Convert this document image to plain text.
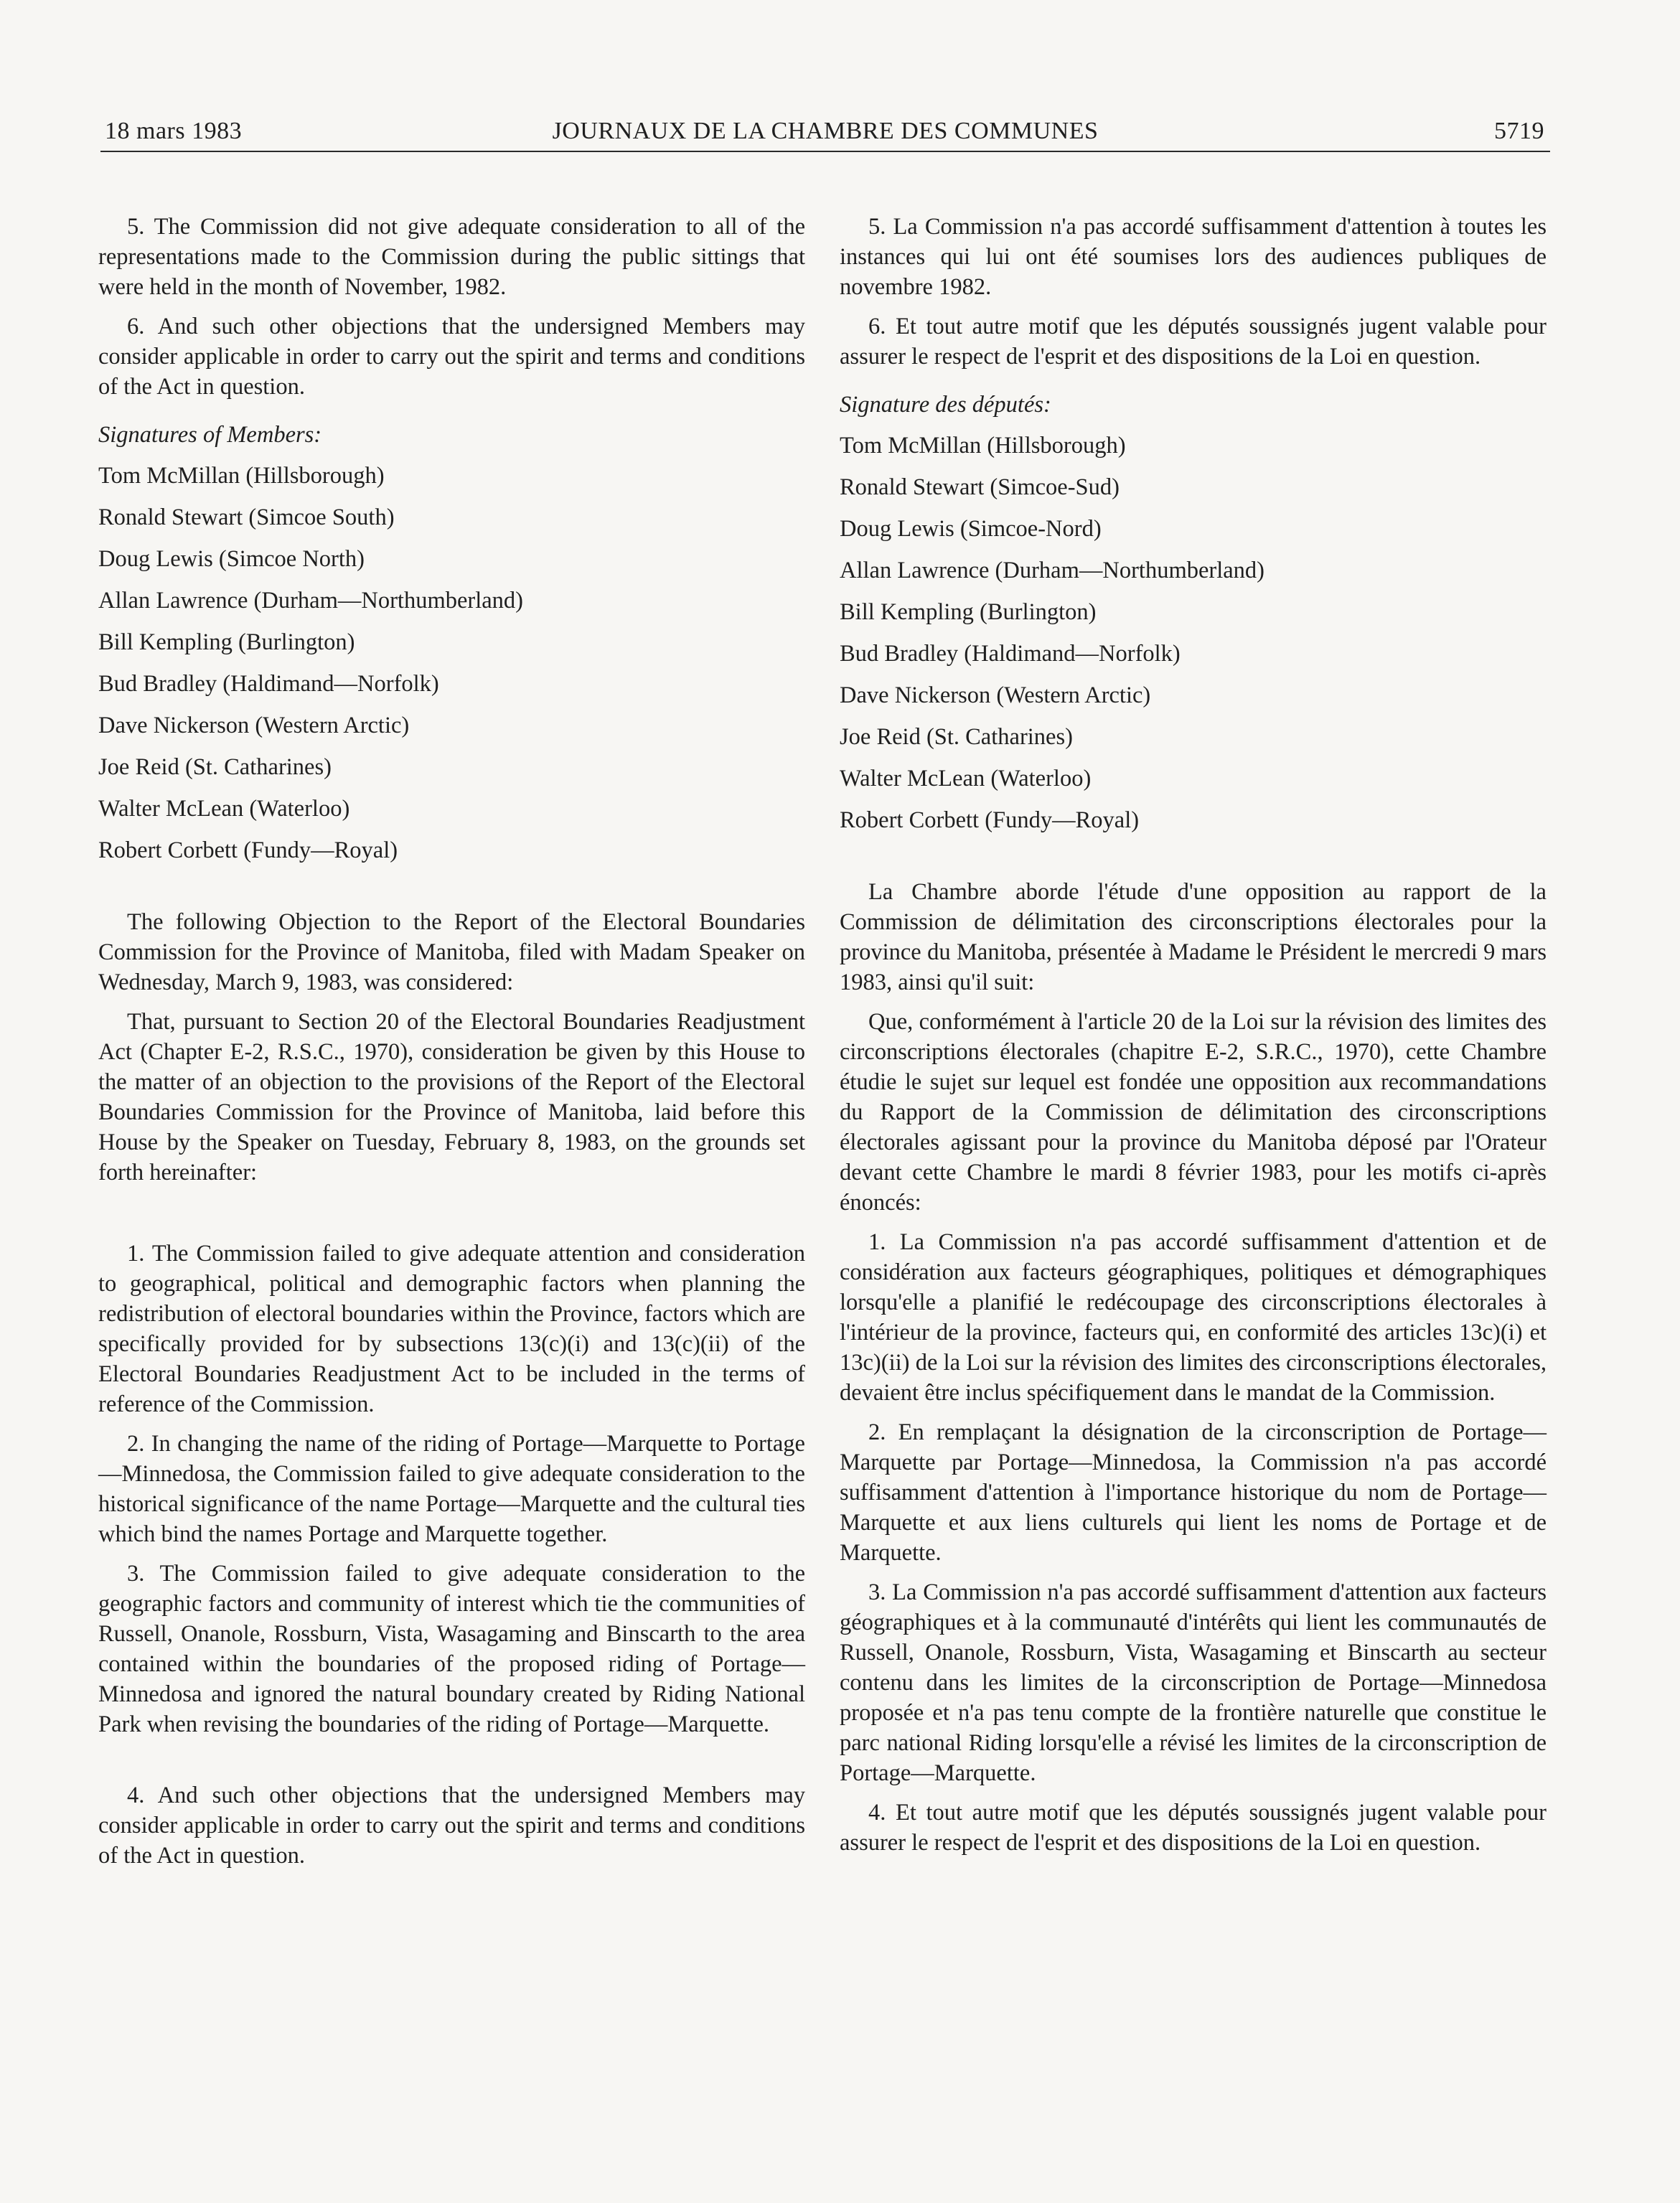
18 mars 1983	JOURNAUX DE LA CHAMBRE DES COMMUNES	5719

5. The Commission did not give adequate consideration to all of the representations made to the Commission during the public sittings that were held in the month of November, 1982.

6. And such other objections that the undersigned Members may consider applicable in order to carry out the spirit and terms and conditions of the Act in question.

Signatures of Members:

Tom McMillan (Hillsborough)
Ronald Stewart (Simcoe South)
Doug Lewis (Simcoe North)
Allan Lawrence (Durham—Northumberland)
Bill Kempling (Burlington)
Bud Bradley (Haldimand—Norfolk)
Dave Nickerson (Western Arctic)
Joe Reid (St. Catharines)
Walter McLean (Waterloo)
Robert Corbett (Fundy—Royal)

The following Objection to the Report of the Electoral Boundaries Commission for the Province of Manitoba, filed with Madam Speaker on Wednesday, March 9, 1983, was considered:

That, pursuant to Section 20 of the Electoral Boundaries Readjustment Act (Chapter E-2, R.S.C., 1970), consideration be given by this House to the matter of an objection to the provisions of the Report of the Electoral Boundaries Commission for the Province of Manitoba, laid before this House by the Speaker on Tuesday, February 8, 1983, on the grounds set forth hereinafter:

1. The Commission failed to give adequate attention and consideration to geographical, political and demographic factors when planning the redistribution of electoral boundaries within the Province, factors which are specifically provided for by subsections 13(c)(i) and 13(c)(ii) of the Electoral Boundaries Readjustment Act to be included in the terms of reference of the Commission.

2. In changing the name of the riding of Portage—Marquette to Portage—Minnedosa, the Commission failed to give adequate consideration to the historical significance of the name Portage—Marquette and the cultural ties which bind the names Portage and Marquette together.

3. The Commission failed to give adequate consideration to the geographic factors and community of interest which tie the communities of Russell, Onanole, Rossburn, Vista, Wasagaming and Binscarth to the area contained within the boundaries of the proposed riding of Portage—Minnedosa and ignored the natural boundary created by Riding National Park when revising the boundaries of the riding of Portage—Marquette.

4. And such other objections that the undersigned Members may consider applicable in order to carry out the spirit and terms and conditions of the Act in question.

5. La Commission n'a pas accordé suffisamment d'attention à toutes les instances qui lui ont été soumises lors des audiences publiques de novembre 1982.

6. Et tout autre motif que les députés soussignés jugent valable pour assurer le respect de l'esprit et des dispositions de la Loi en question.

Signature des députés:

Tom McMillan (Hillsborough)
Ronald Stewart (Simcoe-Sud)
Doug Lewis (Simcoe-Nord)
Allan Lawrence (Durham—Northumberland)
Bill Kempling (Burlington)
Bud Bradley (Haldimand—Norfolk)
Dave Nickerson (Western Arctic)
Joe Reid (St. Catharines)
Walter McLean (Waterloo)
Robert Corbett (Fundy—Royal)

La Chambre aborde l'étude d'une opposition au rapport de la Commission de délimitation des circonscriptions électorales pour la province du Manitoba, présentée à Madame le Président le mercredi 9 mars 1983, ainsi qu'il suit:

Que, conformément à l'article 20 de la Loi sur la révision des limites des circonscriptions électorales (chapitre E-2, S.R.C., 1970), cette Chambre étudie le sujet sur lequel est fondée une opposition aux recommandations du Rapport de la Commission de délimitation des circonscriptions électorales agissant pour la province du Manitoba déposé par l'Orateur devant cette Chambre le mardi 8 février 1983, pour les motifs ci-après énoncés:

1. La Commission n'a pas accordé suffisamment d'attention et de considération aux facteurs géographiques, politiques et démographiques lorsqu'elle a planifié le redécoupage des circonscriptions électorales à l'intérieur de la province, facteurs qui, en conformité des articles 13c)(i) et 13c)(ii) de la Loi sur la révision des limites des circonscriptions électorales, devaient être inclus spécifiquement dans le mandat de la Commission.

2. En remplaçant la désignation de la circonscription de Portage—Marquette par Portage—Minnedosa, la Commission n'a pas accordé suffisamment d'attention à l'importance historique du nom de Portage—Marquette et aux liens culturels qui lient les noms de Portage et de Marquette.

3. La Commission n'a pas accordé suffisamment d'attention aux facteurs géographiques et à la communauté d'intérêts qui lient les communautés de Russell, Onanole, Rossburn, Vista, Wasagaming et Binscarth au secteur contenu dans les limites de la circonscription de Portage—Minnedosa proposée et n'a pas tenu compte de la frontière naturelle que constitue le parc national Riding lorsqu'elle a révisé les limites de la circonscription de Portage—Marquette.

4. Et tout autre motif que les députés soussignés jugent valable pour assurer le respect de l'esprit et des dispositions de la Loi en question.
